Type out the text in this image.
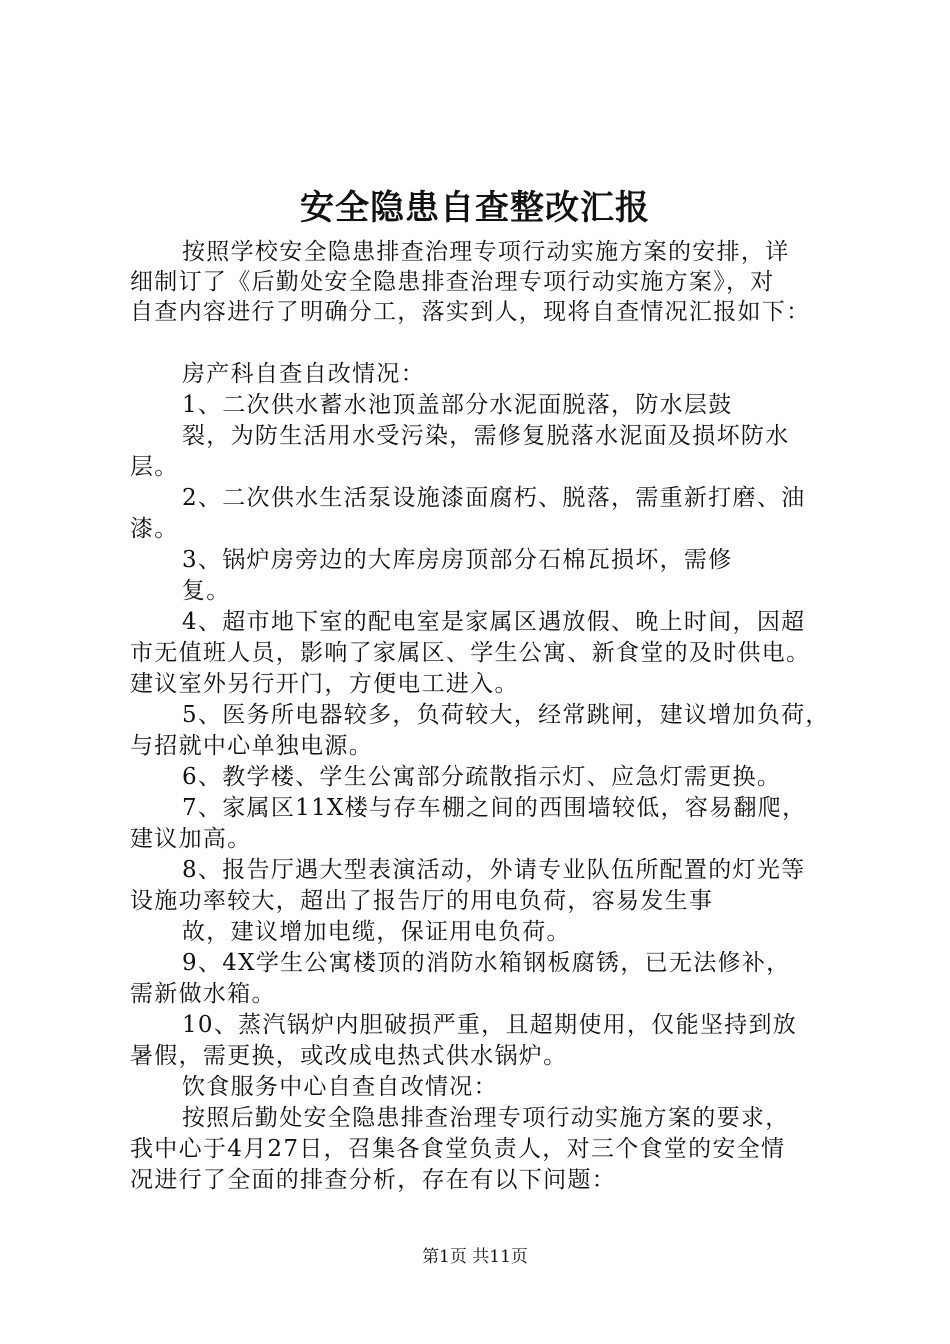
安全隐患自查整改汇报
按照学校安全隐患排查治理专项行动实施方案的安排，详
细制订了《后勤处安全隐患排查治理专项行动实施方案》，对
自查内容进行了明确分工，落实到人，现将自查情况汇报如下：
房产科自查自改情况：
1、二次供水蓄水池顶盖部分水泥面脱落，防水层鼓
裂，为防生活用水受污染，需修复脱落水泥面及损坏防水
层。
2、二次供水生活泵设施漆面腐朽、脱落，需重新打磨、油
漆。
3、锅炉房旁边的大库房房顶部分石棉瓦损坏，需修
复。
4、超市地下室的配电室是家属区遇放假、晚上时间，因超
市无值班人员，影响了家属区、学生公寓、新食堂的及时供电。
建议室外另行开门，方便电工进入。
5、医务所电器较多，负荷较大，经常跳闸，建议增加负荷，
与招就中心单独电源。
6、教学楼、学生公寓部分疏散指示灯、应急灯需更换。
7、家属区11X楼与存车棚之间的西围墙较低，容易翻爬，
建议加高。
8、报告厅遇大型表演活动，外请专业队伍所配置的灯光等
设施功率较大，超出了报告厅的用电负荷，容易发生事
故，建议增加电缆，保证用电负荷。
9、4X学生公寓楼顶的消防水箱钢板腐锈，已无法修补，
需新做水箱。
10、蒸汽锅炉内胆破损严重，且超期使用，仅能坚持到放
暑假，需更换，或改成电热式供水锅炉。
饮食服务中心自查自改情况：
按照后勤处安全隐患排查治理专项行动实施方案的要求，
我中心于4月27日，召集各食堂负责人，对三个食堂的安全情
况进行了全面的排查分析，存在有以下问题：
第1页 共11页
